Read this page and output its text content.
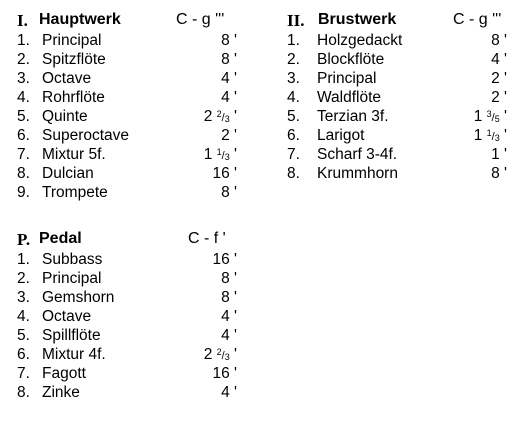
I. Hauptwerk	C - g '''
1. Principal	8 '
2. Spitzflöte	8 '
3. Octave	4 '
4. Rohrflöte	4 '
5. Quinte	2 $^2/_3$ '
6. Superoctave	2 '
7. Mixtur 5f.	1 $^1/_3$ '
8. Dulcian	16 '
9. Trompete	8 '
II. Brustwerk	C - g '''
1. Holzgedackt	8 '
2. Blockflöte	4 '
3. Principal	2 '
4. Waldflöte	2 '
5. Terzian 3f.	1 $^3/_5$ '
6. Larigot	1 $^1/_3$ '
7. Scharf 3-4f.	1 '
8. Krummhorn	8 '
P. Pedal	C - f '
1. Subbass	16 '
2. Principal	8 '
3. Gemshorn	8 '
4. Octave	4 '
5. Spillflöte	4 '
6. Mixtur 4f.	2 $^2/_3$ '
7. Fagott	16 '
8. Zinke	4 '
